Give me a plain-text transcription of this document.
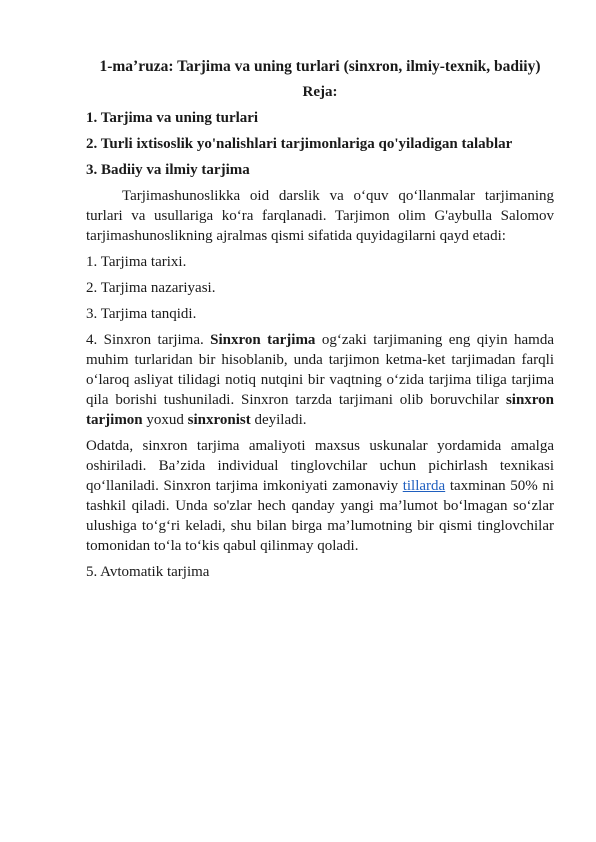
1-ma’ruza: Tarjima va uning turlari (sinxron, ilmiy-texnik, badiiy)
Reja:
1. Tarjima va uning turlari
2. Turli ixtisoslik yo'nalishlari tarjimonlariga qo'yiladigan talablar
3. Badiiy va ilmiy tarjima

Tarjimashunoslikka oid darslik va o‘quv qo‘llanmalar tarjimaning turlari va usullariga ko‘ra farqlanadi. Tarjimon olim G'aybulla Salomov tarjimashunoslikning ajralmas qismi sifatida quyidagilarni qayd etadi:

1. Tarjima tarixi.
2. Tarjima nazariyasi.
3. Tarjima tanqidi.

4. Sinxron tarjima. Sinxron tarjima og‘zaki tarjimaning eng qiyin hamda muhim turlaridan bir hisoblanib, unda tarjimon ketma-ket tarjimadan farqli o‘laroq asliyat tilidagi notiq nutqini bir vaqtning o‘zida tarjima tiliga tarjima qila borishi tushuniladi. Sinxron tarzda tarjimani olib boruvchilar sinxron tarjimon yoxud sinxronist deyiladi.

Odatda, sinxron tarjima amaliyoti maxsus uskunalar yordamida amalga oshiriladi. Ba’zida individual tinglovchilar uchun pichirlash texnikasi qo‘llaniladi. Sinxron tarjima imkoniyati zamonaviy tillarda taxminan 50% ni tashkil qiladi. Unda so'zlar hech qanday yangi ma’lumot bo‘lmagan so‘zlar ulushiga to‘g‘ri keladi, shu bilan birga ma’lumotning bir qismi tinglovchilar tomonidan to‘la to‘kis qabul qilinmay qoladi.

5. Avtomatik tarjima
